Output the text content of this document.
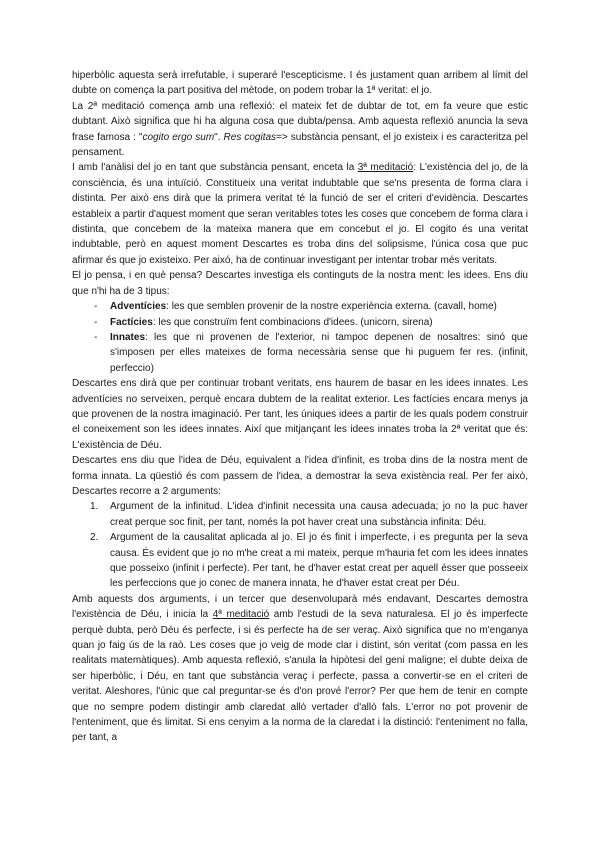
hiperbòlic aquesta serà irrefutable, i superaré l'escepticisme. I és justament quan arribem al límit del dubte on comença la part positiva del mètode, on podem trobar la 1ª veritat: el jo.

La 2ª meditació comença amb una reflexió: el mateix fet de dubtar de tot, em fa veure que estic dubtant. Això significa que hi ha alguna cosa que dubta/pensa. Amb aquesta reflexió anuncia la seva frase famosa : "cogito ergo sum". Res cogitas=> substància pensant, el jo existeix i es caracteritza pel pensament.

I amb l'anàlisi del jo en tant que substància pensant, enceta la 3ª meditació: L'existència del jo, de la consciència, és una intuïció. Constitueix una veritat indubtable que se'ns presenta de forma clara i distinta. Per això ens dirà que la primera veritat té la funció de ser el criteri d'evidència. Descartes estableix a partir d'aquest moment que seran veritables totes les coses que concebem de forma clara i distinta, que concebem de la mateixa manera que em concebut el jo. El cogito és una veritat indubtable, però en aquest moment Descartes es troba dins del solipsisme, l'única cosa que puc afirmar és que jo existeixo. Per aixó, ha de continuar investigant per intentar trobar més veritats.

El jo pensa, i en què pensa? Descartes investiga els continguts de la nostra ment: les idees. Ens diu que n'hi ha de 3 tipus:

- Adventícies: les que semblen provenir de la nostre experiència externa. (cavall, home)
- Factícies: les que construïm fent combinacions d'idees. (unicorn, sirena)
- Innates: les que ni provenen de l'exterior, ni tampoc depenen de nosaltres: sinó que s'imposen per elles mateixes de forma necessària sense que hi puguem fer res. (infinit, perfeccio)

Descartes ens dirà que per continuar trobant veritats, ens haurem de basar en les idees innates. Les adventícies no serveixen, perquè encara dubtem de la realitat exterior. Les factícies encara menys ja que provenen de la nostra imaginació. Per tant, les úniques idees a partir de les quals podem construir el coneixement son les idees innates. Així que mitjançant les idees innates troba la 2ª veritat que és: L'existència de Déu.

Descartes ens diu que l'idea de Déu, equivalent a l'idea d'infinit, es troba dins de la nostra ment de forma innata. La qüestió és com passem de l'idea, a demostrar la seva existència real. Per fer això, Descartes recorre a 2 arguments:

1. Argument de la infinitud. L'idea d'infinit necessita una causa adecuada; jo no la puc haver creat perque soc finit, per tant, només la pot haver creat una substància infinita: Déu.
2. Argument de la causalitat aplicada al jo. El jo és finit i imperfecte, i es pregunta per la seva causa. És evident que jo no m'he creat a mi mateix, perque m'hauria fet com les idees innates que posseixo (infinit i perfecte). Per tant, he d'haver estat creat per aquell ésser que posseeix les perfeccions que jo conec de manera innata, he d'haver estat creat per Déu.

Amb aquests dos arguments, i un tercer que desenvoluparà més endavant, Descartes demostra l'existència de Déu, i inicia la 4ª meditació amb l'estudi de la seva naturalesa. El jo és imperfecte perquè dubta, però Déu és perfecte, i si és perfecte ha de ser veraç. Això significa que no m'enganya quan jo faig ús de la raò. Les coses que jo veig de mode clar i distint, són veritat (com passa en les realitats matemàtiques). Amb aquesta reflexió, s'anula la hipòtesi del geni maligne; el dubte deixa de ser hiperbòlic, i Déu, en tant que substància veraç i perfecte, passa a convertir-se en el criteri de veritat. Aleshores, l'únic que cal preguntar-se és d'on prové l'error? Per que hem de tenir en compte que no sempre podem distingir amb claredat allò vertader d'allò fals. L'error no pot provenir de l'enteniment, que és limitat. Si ens cenyim a la norma de la claredat i la distinció: l'enteniment no falla, per tant, a
